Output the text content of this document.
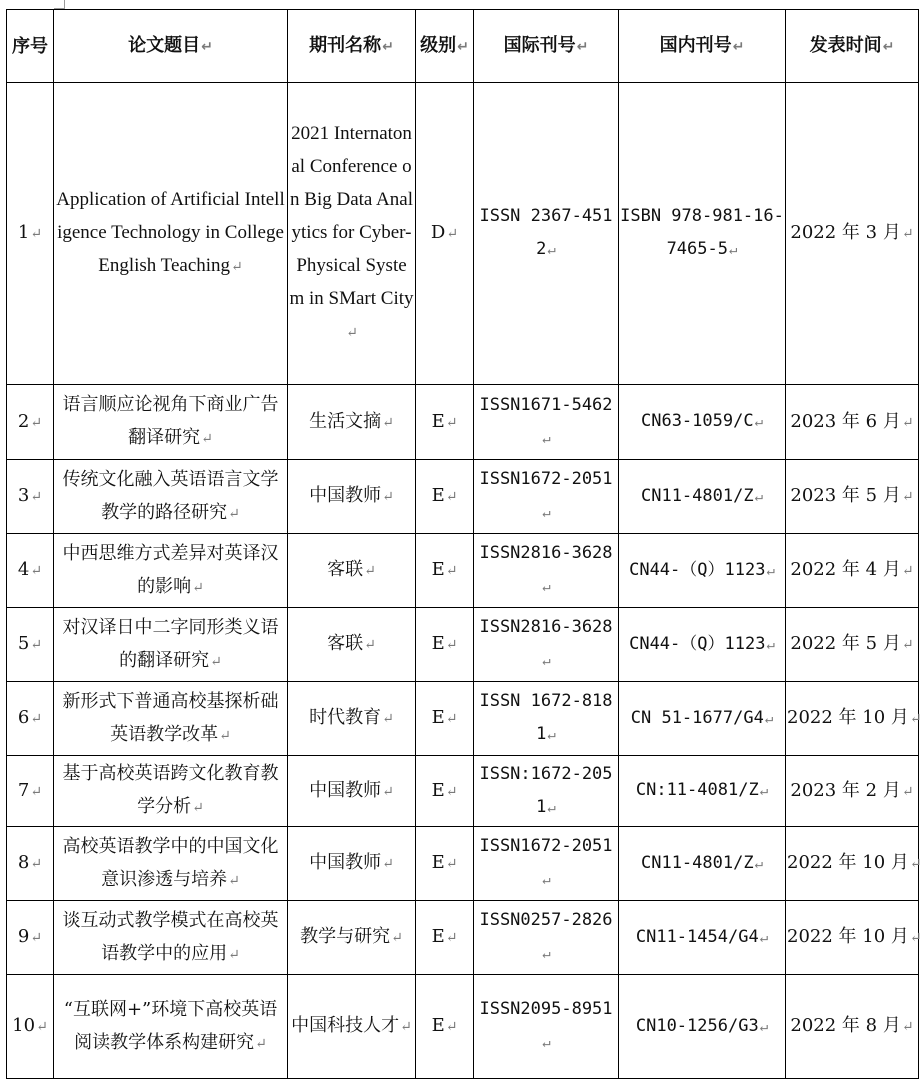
序号	论文题目↵	期刊名称↵	级别↵	国际刊号↵	国内刊号↵	发表时间↵
1↵	Application of Artificial Intelligence Technology in College English Teaching↵	2021 Internatonal Conference on Big Data Analytics for Cyber-Physical System in SMart City↵	D↵	ISSN 2367-4512↵	ISBN 978-981-16-7465-5↵	2022 年 3 月↵
2↵	语言顺应论视角下商业广告翻译研究↵	生活文摘↵	E↵	ISSN1671-5462↵	CN63-1059/C↵	2023 年 6 月↵
3↵	传统文化融入英语语言文学教学的路径研究↵	中国教师↵	E↵	ISSN1672-2051↵	CN11-4801/Z↵	2023 年 5 月↵
4↵	中西思维方式差异对英译汉的影响↵	客联↵	E↵	ISSN2816-3628↵	CN44-（Q）1123↵	2022 年 4 月↵
5↵	对汉译日中二字同形类义语的翻译研究↵	客联↵	E↵	ISSN2816-3628↵	CN44-（Q）1123↵	2022 年 5 月↵
6↵	新形式下普通高校基探析础英语教学改革↵	时代教育↵	E↵	ISSN 1672-8181↵	CN 51-1677/G4↵	2022 年 10 月↵
7↵	基于高校英语跨文化教育教学分析↵	中国教师↵	E↵	ISSN:1672-2051↵	CN:11-4081/Z↵	2023 年 2 月↵
8↵	高校英语教学中的中国文化意识渗透与培养↵	中国教师↵	E↵	ISSN1672-2051↵	CN11-4801/Z↵	2022 年 10 月↵
9↵	谈互动式教学模式在高校英语教学中的应用↵	教学与研究↵	E↵	ISSN0257-2826↵	CN11-1454/G4↵	2022 年 10 月↵
10↵	“互联网+”环境下高校英语阅读教学体系构建研究↵	中国科技人才↵	E↵	ISSN2095-8951↵	CN10-1256/G3↵	2022 年 8 月↵
